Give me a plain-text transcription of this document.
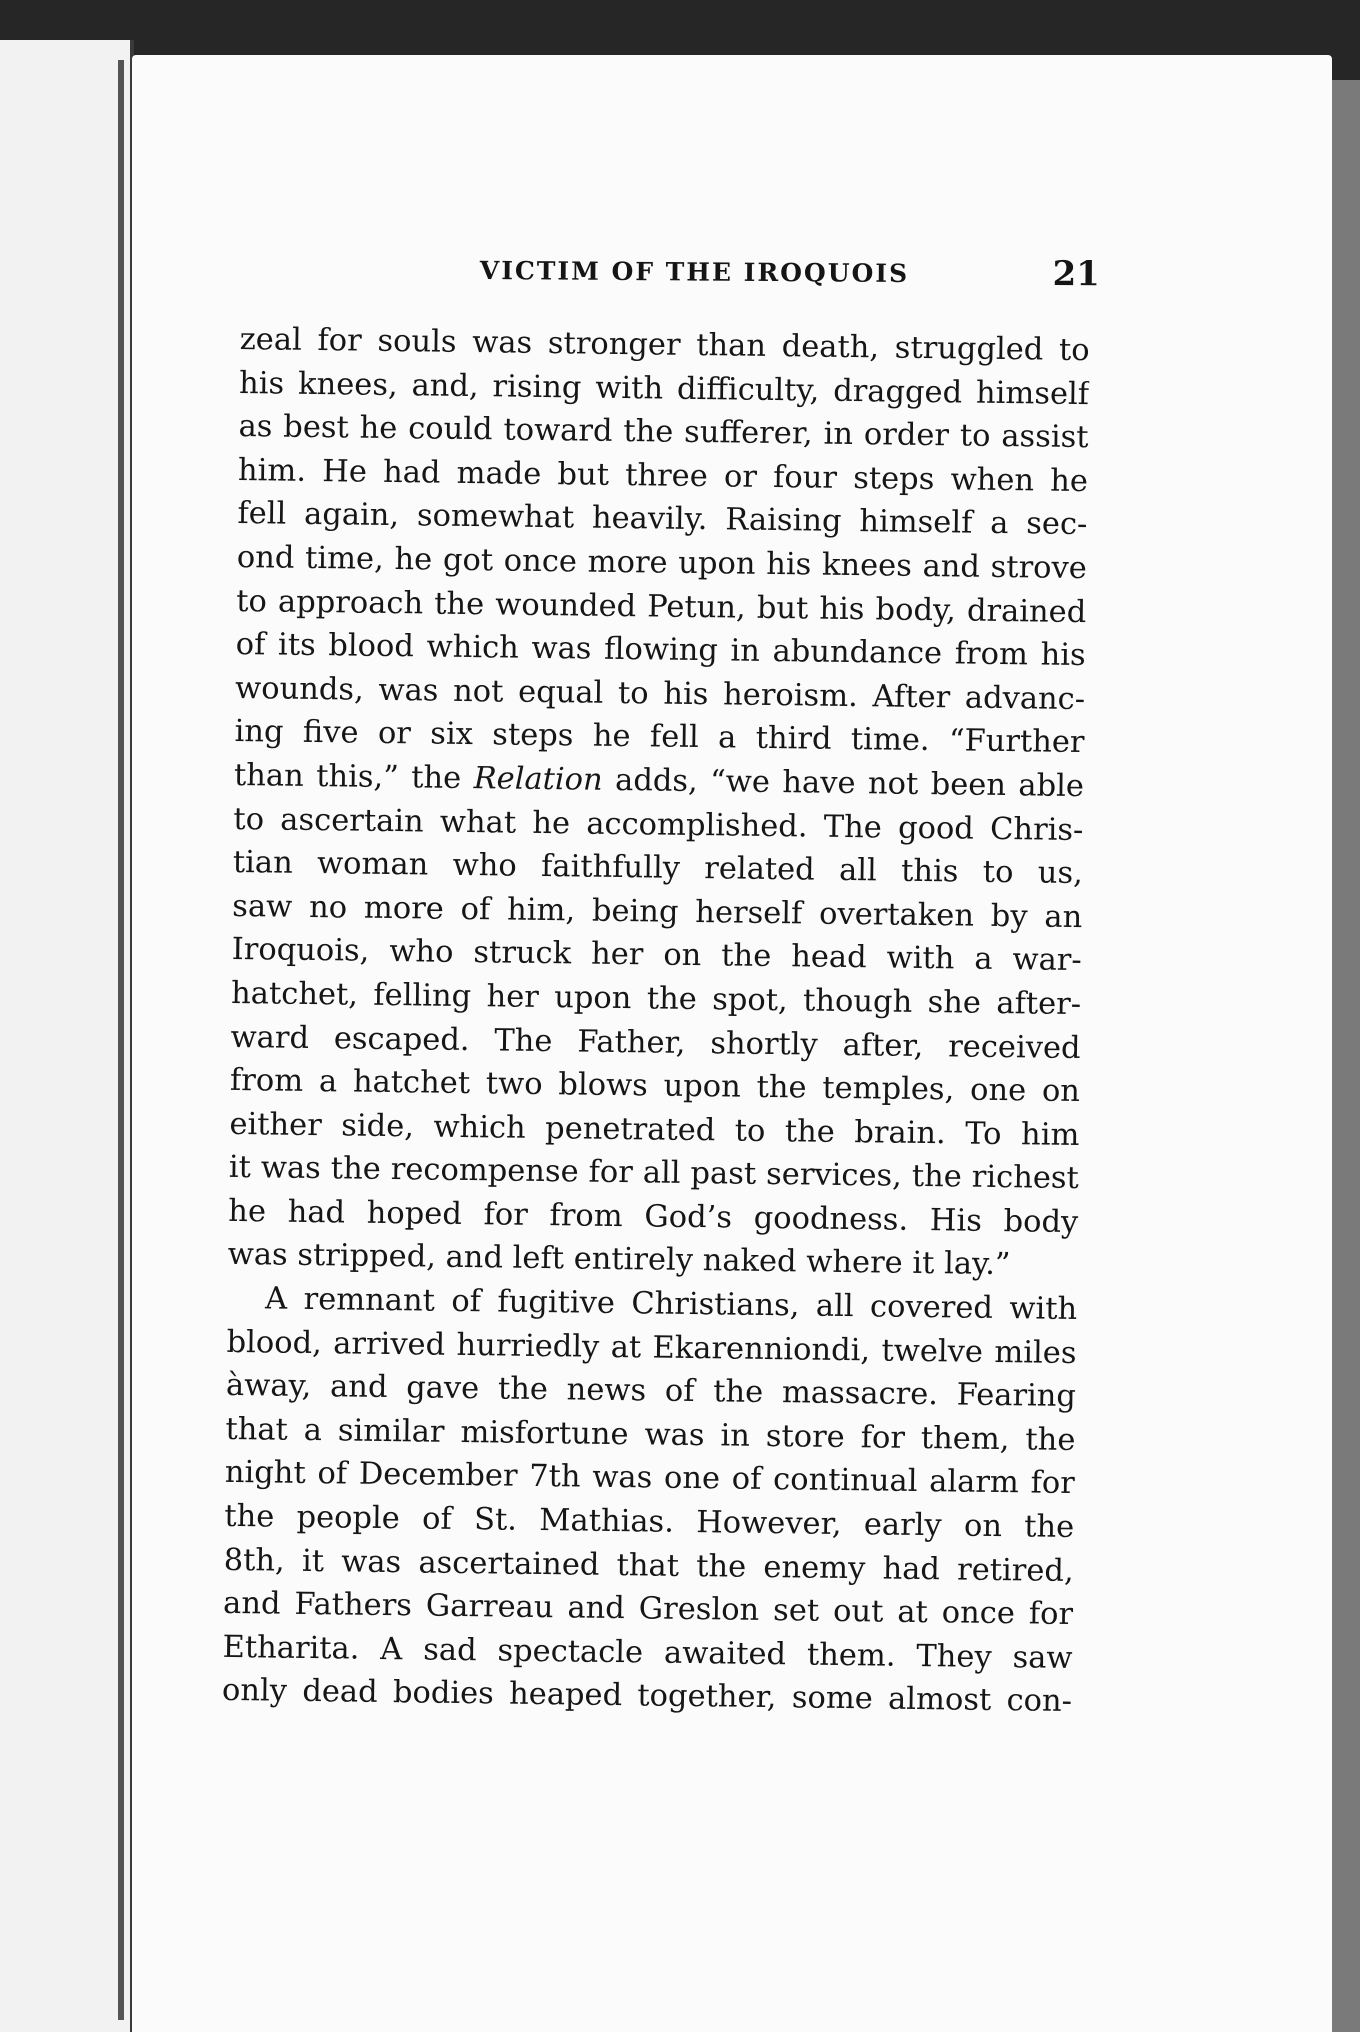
VICTIM OF THE IROQUOIS	21
zeal for souls was stronger than death, struggled to
his knees, and, rising with difficulty, dragged himself
as best he could toward the sufferer, in order to assist
him. He had made but three or four steps when he
fell again, somewhat heavily. Raising himself a sec-
ond time, he got once more upon his knees and strove
to approach the wounded Petun, but his body, drained
of its blood which was flowing in abundance from his
wounds, was not equal to his heroism. After advanc-
ing five or six steps he fell a third time. “Further
than this,” the Relation adds, “we have not been able
to ascertain what he accomplished. The good Chris-
tian woman who faithfully related all this to us,
saw no more of him, being herself overtaken by an
Iroquois, who struck her on the head with a war-
hatchet, felling her upon the spot, though she after-
ward escaped. The Father, shortly after, received
from a hatchet two blows upon the temples, one on
either side, which penetrated to the brain. To him
it was the recompense for all past services, the richest
he had hoped for from God’s goodness. His body
was stripped, and left entirely naked where it lay.”
A remnant of fugitive Christians, all covered with
blood, arrived hurriedly at Ekarenniondi, twelve miles
àway, and gave the news of the massacre. Fearing
that a similar misfortune was in store for them, the
night of December 7th was one of continual alarm for
the people of St. Mathias. However, early on the
8th, it was ascertained that the enemy had retired,
and Fathers Garreau and Greslon set out at once for
Etharita. A sad spectacle awaited them. They saw
only dead bodies heaped together, some almost con-
